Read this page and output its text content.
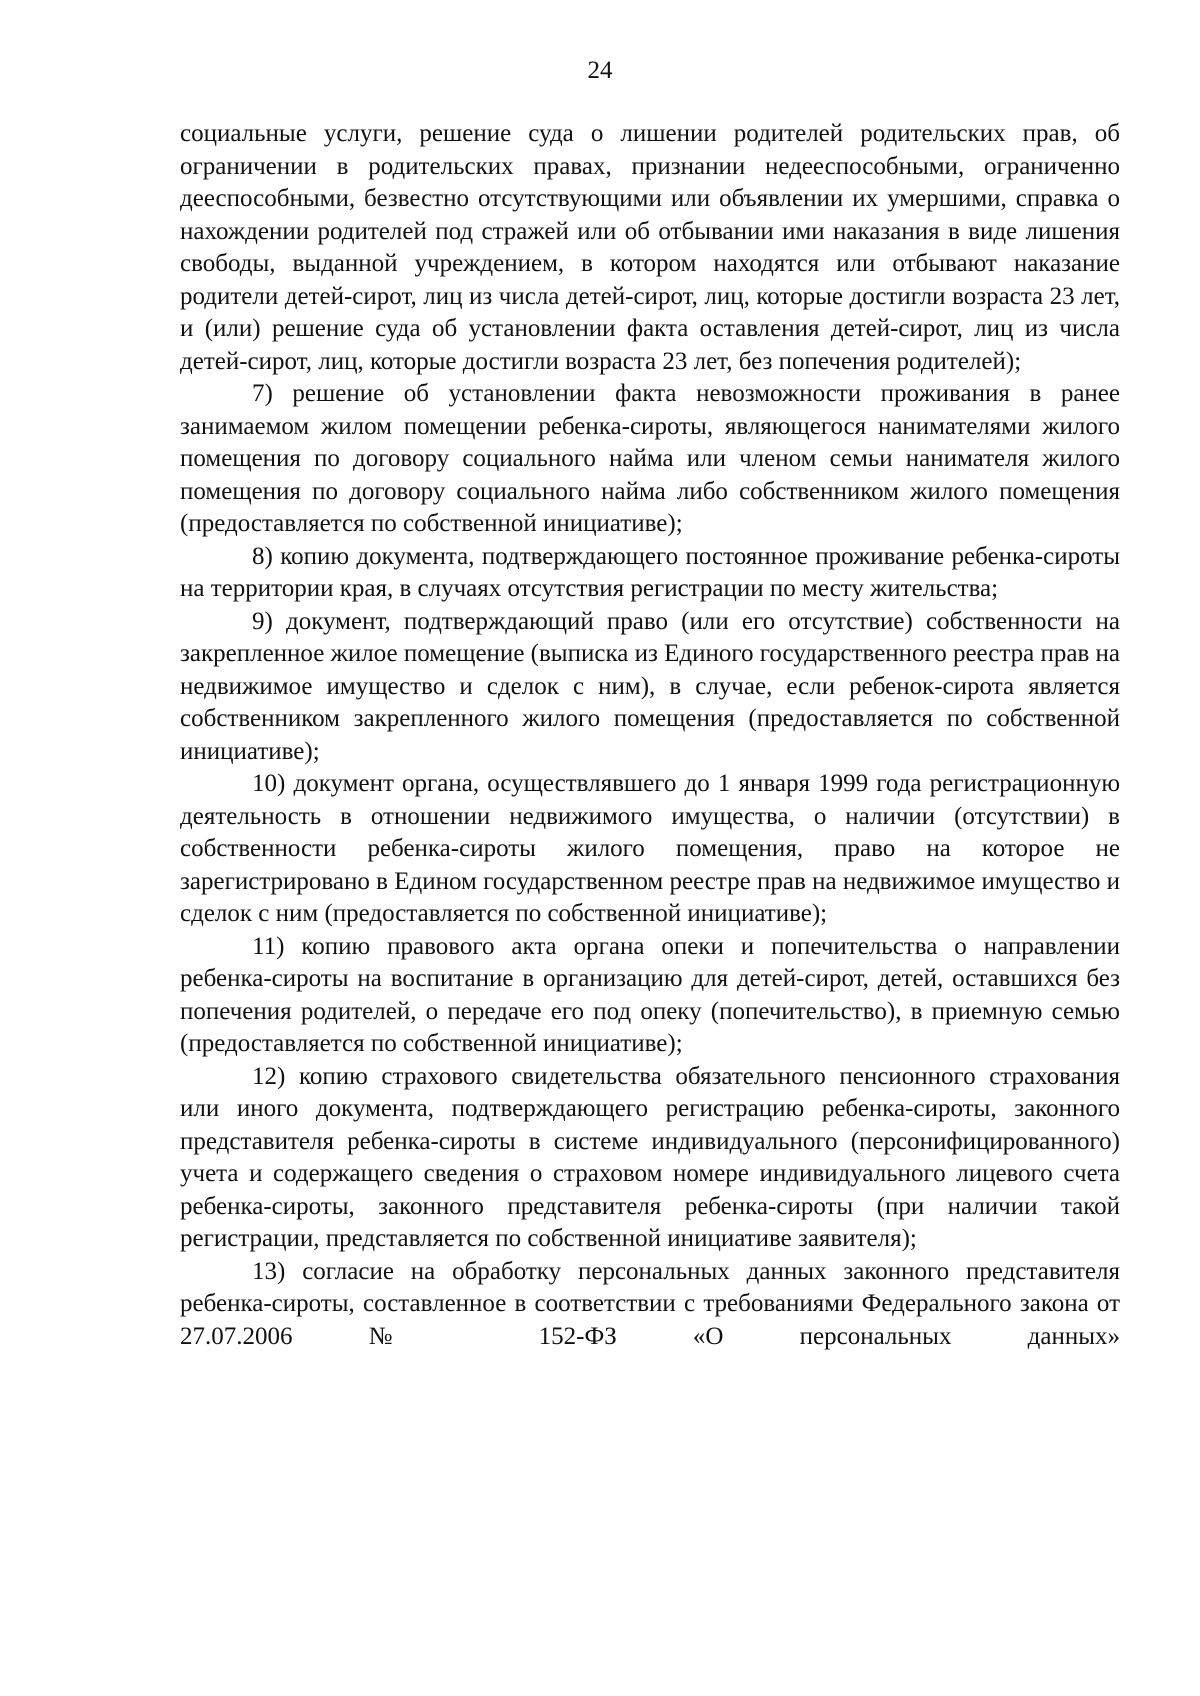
24

социальные услуги, решение суда о лишении родителей родительских прав, об ограничении в родительских правах, признании недееспособными, ограниченно дееспособными, безвестно отсутствующими или объявлении их умершими, справка о нахождении родителей под стражей или об отбывании ими наказания в виде лишения свободы, выданной учреждением, в котором находятся или отбывают наказание родители детей-сирот, лиц из числа детей-сирот, лиц, которые достигли возраста 23 лет, и (или) решение суда об установлении факта оставления детей-сирот, лиц из числа детей-сирот, лиц, которые достигли возраста 23 лет, без попечения родителей);

7) решение об установлении факта невозможности проживания в ранее занимаемом жилом помещении ребенка-сироты, являющегося нанимателями жилого помещения по договору социального найма или членом семьи нанимателя жилого помещения по договору социального найма либо собственником жилого помещения (предоставляется по собственной инициативе);

8) копию документа, подтверждающего постоянное проживание ребенка-сироты на территории края, в случаях отсутствия регистрации по месту жительства;

9) документ, подтверждающий право (или его отсутствие) собственности на закрепленное жилое помещение (выписка из Единого государственного реестра прав на недвижимое имущество и сделок с ним), в случае, если ребенок-сирота является собственником закрепленного жилого помещения (предоставляется по собственной инициативе);

10) документ органа, осуществлявшего до 1 января 1999 года регистрационную деятельность в отношении недвижимого имущества, о наличии (отсутствии) в собственности ребенка-сироты жилого помещения, право на которое не зарегистрировано в Едином государственном реестре прав на недвижимое имущество и сделок с ним (предоставляется по собственной инициативе);

11) копию правового акта органа опеки и попечительства о направлении ребенка-сироты на воспитание в организацию для детей-сирот, детей, оставшихся без попечения родителей, о передаче его под опеку (попечительство), в приемную семью (предоставляется по собственной инициативе);

12) копию страхового свидетельства обязательного пенсионного страхования или иного документа, подтверждающего регистрацию ребенка-сироты, законного представителя ребенка-сироты в системе индивидуального (персонифицированного) учета и содержащего сведения о страховом номере индивидуального лицевого счета ребенка-сироты, законного представителя ребенка-сироты (при наличии такой регистрации, представляется по собственной инициативе заявителя);

13) согласие на обработку персональных данных законного представителя ребенка-сироты, составленное в соответствии с требованиями Федерального закона от 27.07.2006 № 152-ФЗ «О персональных данных»
